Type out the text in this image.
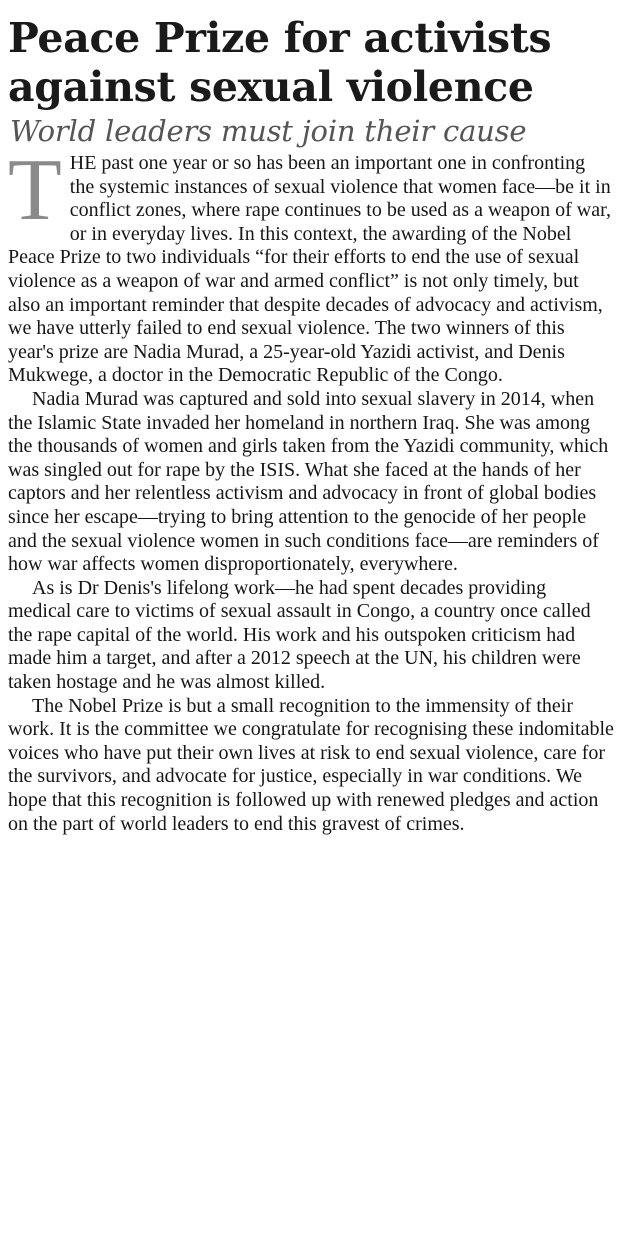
Peace Prize for activists
against sexual violence
World leaders must join their cause

THE past one year or so has been an important one in confronting the systemic instances of sexual violence that women face—be it in conflict zones, where rape continues to be used as a weapon of war, or in everyday lives. In this context, the awarding of the Nobel Peace Prize to two individuals “for their efforts to end the use of sexual violence as a weapon of war and armed conflict” is not only timely, but also an important reminder that despite decades of advocacy and activism, we have utterly failed to end sexual violence. The two winners of this year's prize are Nadia Murad, a 25-year-old Yazidi activist, and Denis Mukwege, a doctor in the Democratic Republic of the Congo.

Nadia Murad was captured and sold into sexual slavery in 2014, when the Islamic State invaded her homeland in northern Iraq. She was among the thousands of women and girls taken from the Yazidi community, which was singled out for rape by the ISIS. What she faced at the hands of her captors and her relentless activism and advocacy in front of global bodies since her escape—trying to bring attention to the genocide of her people and the sexual violence women in such conditions face—are reminders of how war affects women disproportionately, everywhere.

As is Dr Denis's lifelong work—he had spent decades providing medical care to victims of sexual assault in Congo, a country once called the rape capital of the world. His work and his outspoken criticism had made him a target, and after a 2012 speech at the UN, his children were taken hostage and he was almost killed.

The Nobel Prize is but a small recognition to the immensity of their work. It is the committee we congratulate for recognising these indomitable voices who have put their own lives at risk to end sexual violence, care for the survivors, and advocate for justice, especially in war conditions. We hope that this recognition is followed up with renewed pledges and action on the part of world leaders to end this gravest of crimes.
